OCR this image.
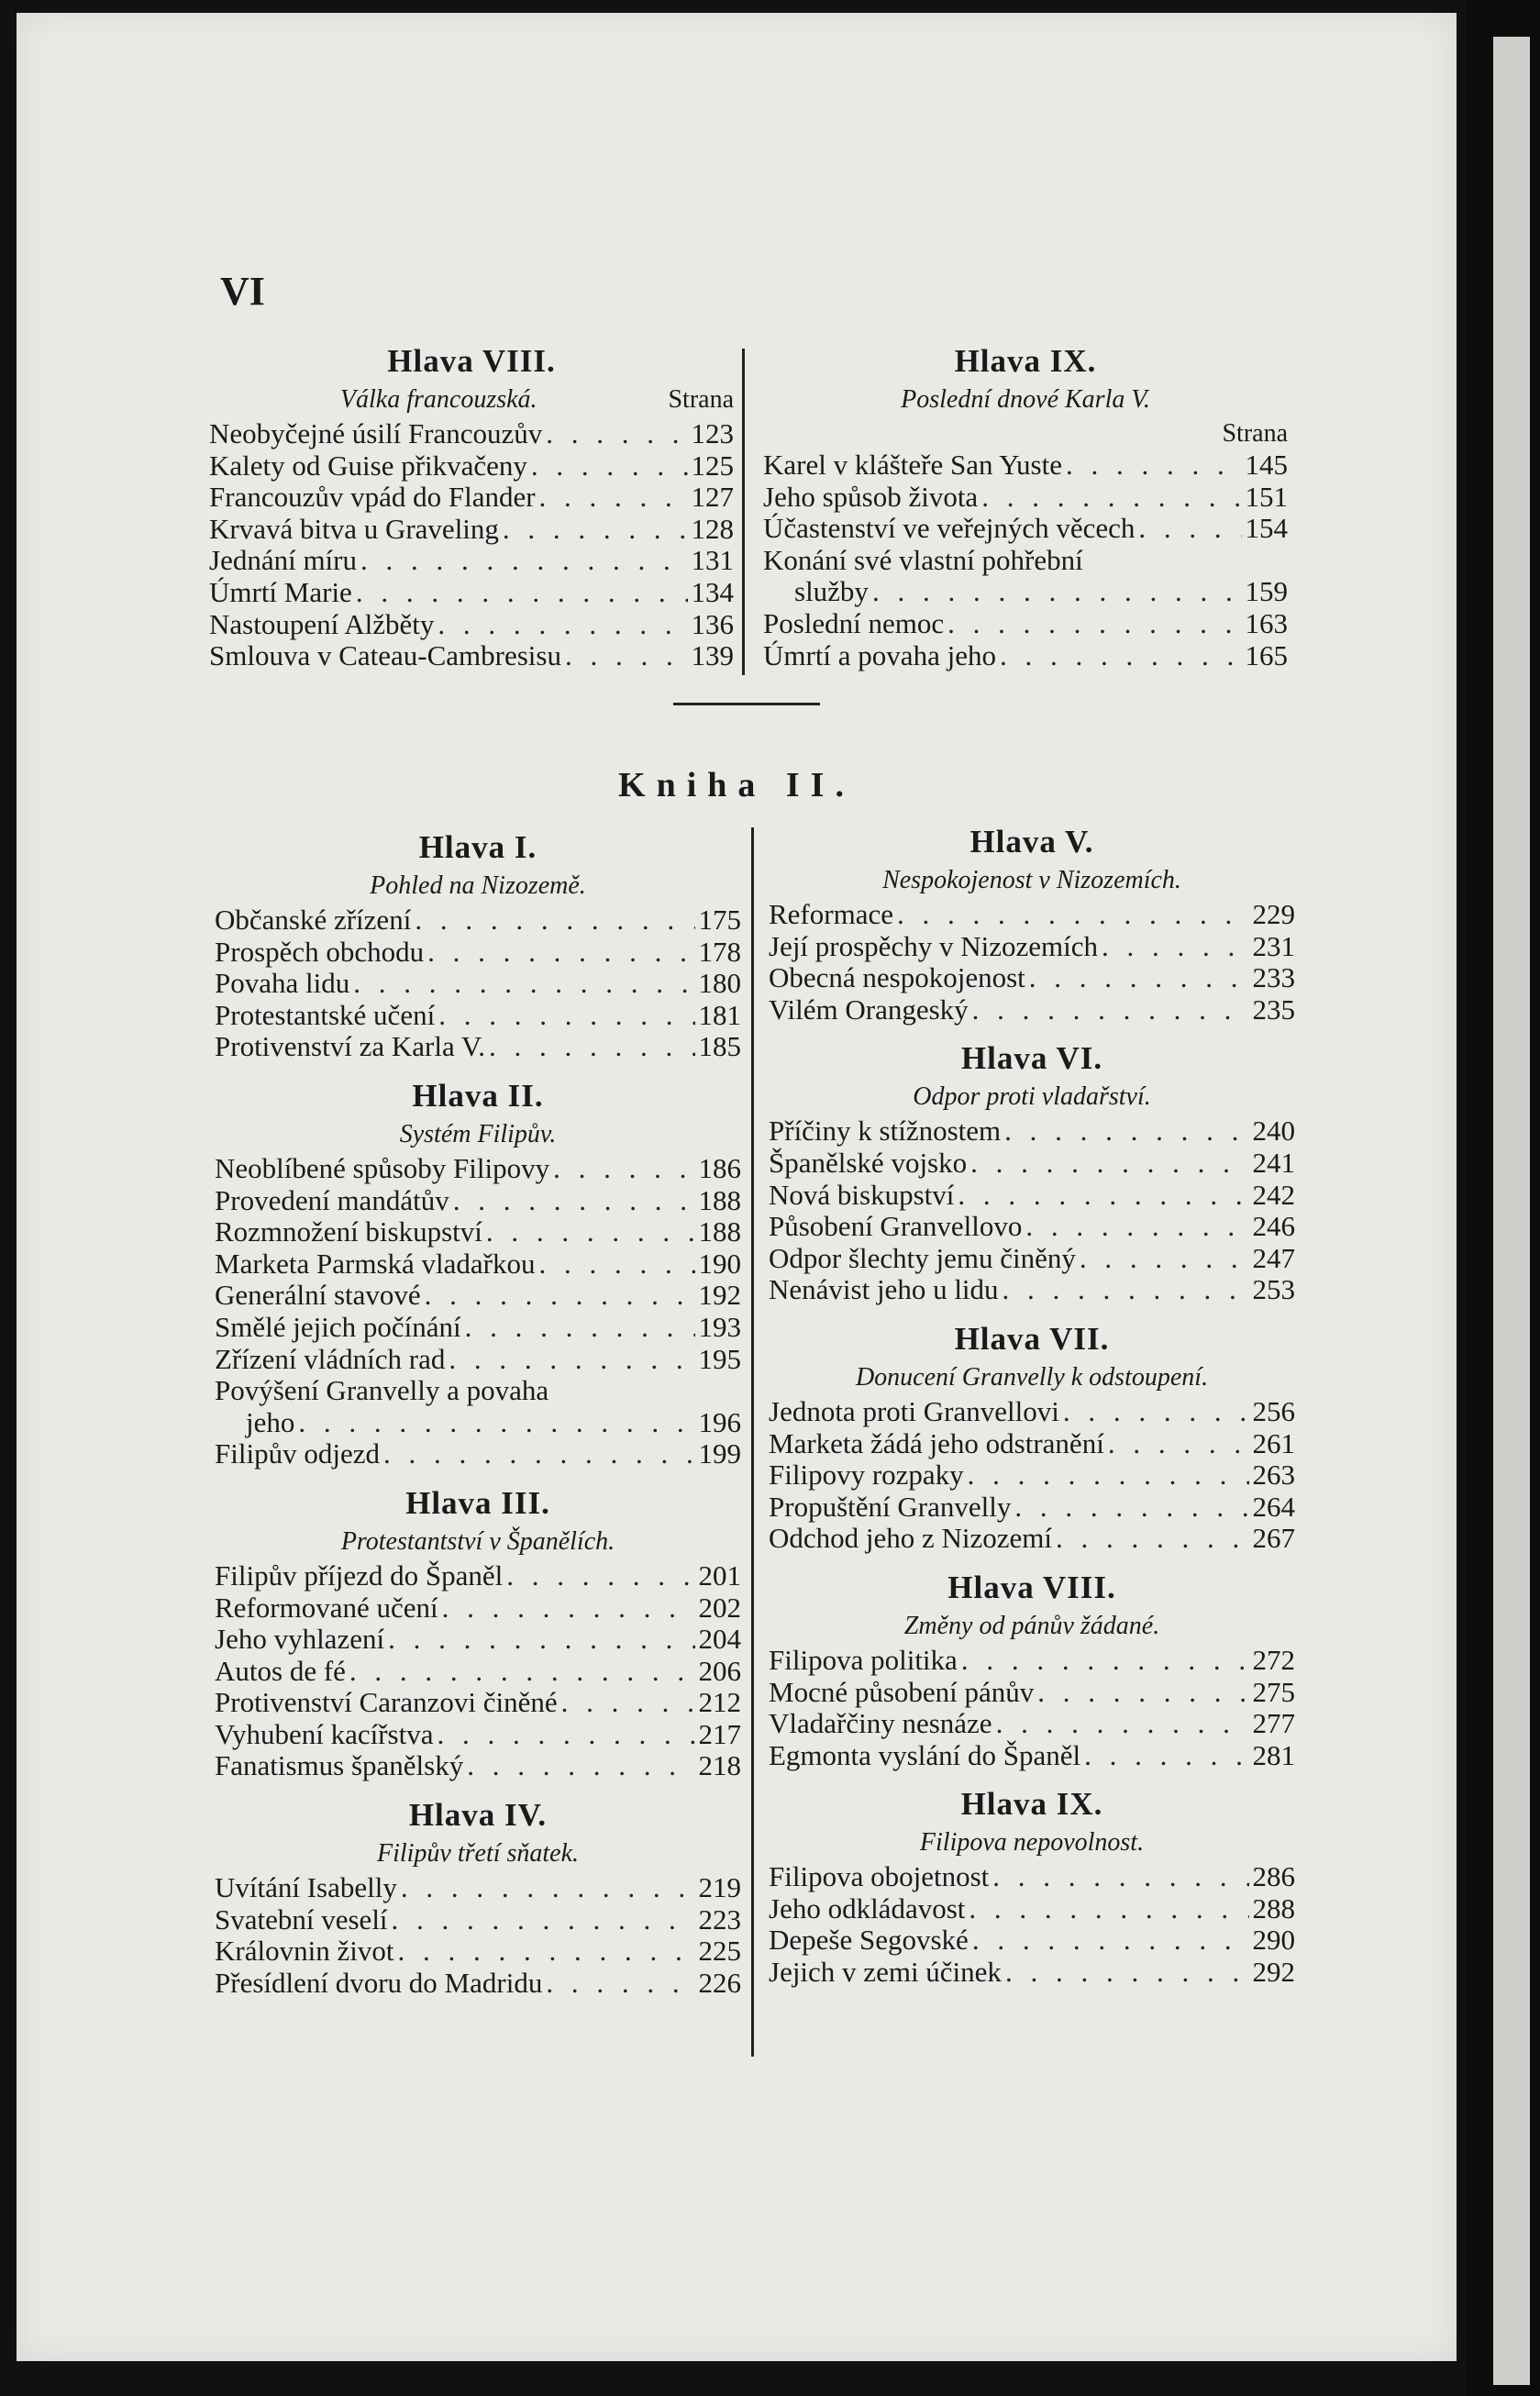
VI
Hlava VIII.
Válka francouzská.	Strana
Neobyčejné úsilí Francouzův . . .	123
Kalety od Guise přikvačeny . . .	125
Francouzův vpád do Flander . . .	127
Krvavá bitva u Graveling . . .	128
Jednání míru . . .	131
Úmrtí Marie . . .	134
Nastoupení Alžběty . . .	136
Smlouva v Cateau-Cambresisu . . .	139
Hlava IX.
Poslední dnové Karla V.
Strana
Karel v klášteře San Yuste . . .	145
Jeho spůsob života . . .	151
Účastenství ve veřejných věcech . . .	154
Konání své vlastní pohřební
služby . . .	159
Poslední nemoc . . .	163
Úmrtí a povaha jeho . . .	165
Kniha II.
Hlava I.
Pohled na Nizozemě.
Občanské zřízení . . .	175
Prospěch obchodu . . .	178
Povaha lidu . . .	180
Protestantské učení . . .	181
Protivenství za Karla V. . . .	185
Hlava II.
Systém Filipův.
Neoblíbené spůsoby Filipovy . . .	186
Provedení mandátův . . .	188
Rozmnožení biskupství . . .	188
Marketa Parmská vladařkou . . .	190
Generální stavové . . .	192
Smělé jejich počínání . . .	193
Zřízení vládních rad . . .	195
Povýšení Granvelly a povaha
jeho . . .	196
Filipův odjezd . . .	199
Hlava III.
Protestantství v Španělích.
Filipův příjezd do Španěl . . .	201
Reformované učení . . .	202
Jeho vyhlazení . . .	204
Autos de fé . . .	206
Protivenství Caranzovi činěné . . .	212
Vyhubení kacířstva . . .	217
Fanatismus španělský . . .	218
Hlava IV.
Filipův třetí sňatek.
Uvítání Isabelly . . .	219
Svatební veselí . . .	223
Královnin život . . .	225
Přesídlení dvoru do Madridu . . .	226
Hlava V.
Nespokojenost v Nizozemích.
Reformace . . .	229
Její prospěchy v Nizozemích . . .	231
Obecná nespokojenost . . .	233
Vilém Orangeský . . .	235
Hlava VI.
Odpor proti vladařství.
Příčiny k stížnostem . . .	240
Španělské vojsko . . .	241
Nová biskupství . . .	242
Působení Granvellovo . . .	246
Odpor šlechty jemu činěný . . .	247
Nenávist jeho u lidu . . .	253
Hlava VII.
Donucení Granvelly k odstoupení.
Jednota proti Granvellovi . . .	256
Marketa žádá jeho odstranění . . .	261
Filipovy rozpaky . . .	263
Propuštění Granvelly . . .	264
Odchod jeho z Nizozemí . . .	267
Hlava VIII.
Změny od pánův žádané.
Filipova politika . . .	272
Mocné působení pánův . . .	275
Vladařčiny nesnáze . . .	277
Egmonta vyslání do Španěl . . .	281
Hlava IX.
Filipova nepovolnost.
Filipova obojetnost . . .	286
Jeho odkládavost . . .	288
Depeše Segovské . . .	290
Jejich v zemi účinek . . .	292
